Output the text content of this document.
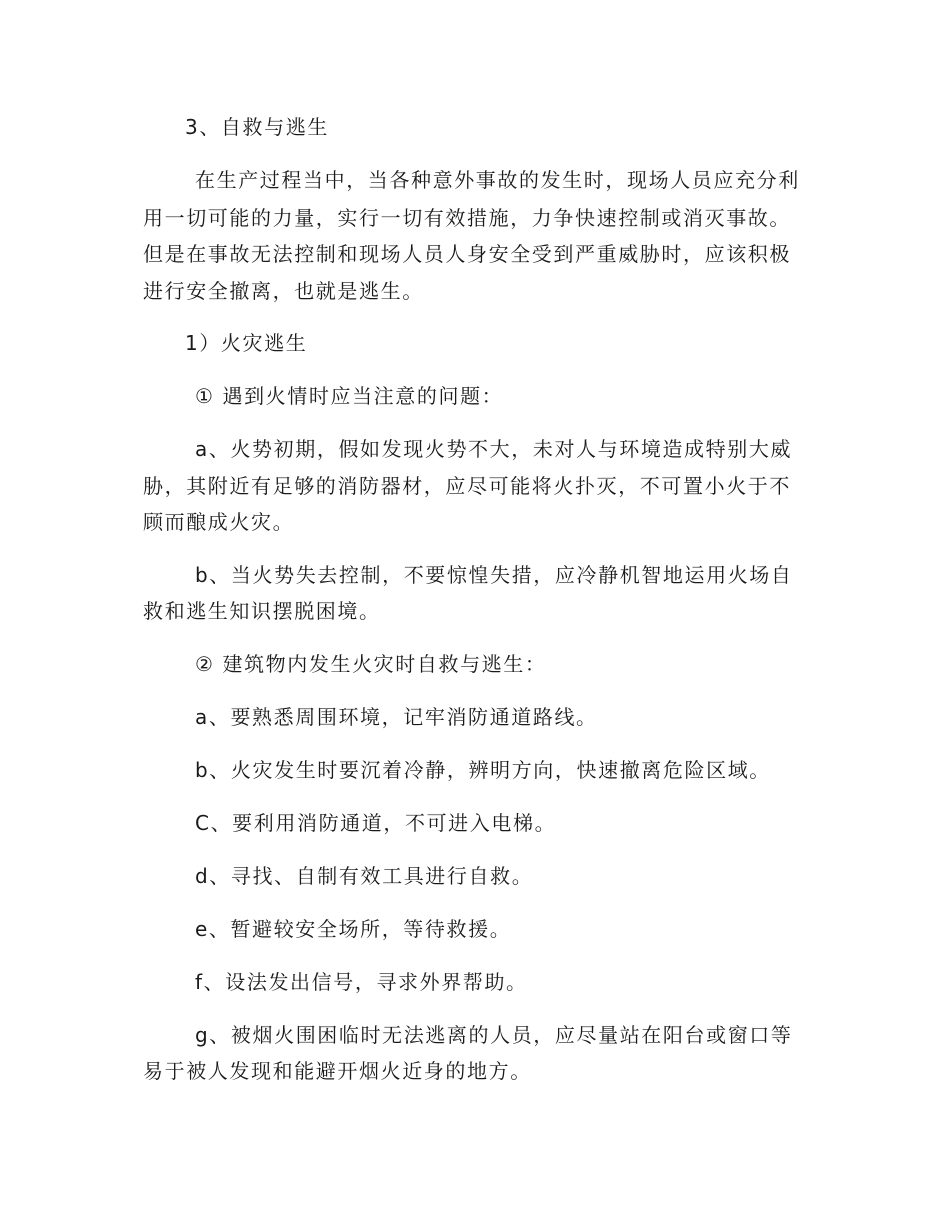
3、自救与逃生
在生产过程当中，当各种意外事故的发生时，现场人员应充分利
用一切可能的力量，实行一切有效措施，力争快速控制或消灭事故。
但是在事故无法控制和现场人员人身安全受到严重威胁时，应该积极
进行安全撤离，也就是逃生。
1）火灾逃生
① 遇到火情时应当注意的问题：
a、火势初期，假如发现火势不大，未对人与环境造成特别大威
胁，其附近有足够的消防器材，应尽可能将火扑灭，不可置小火于不
顾而酿成火灾。
b、当火势失去控制，不要惊惶失措，应冷静机智地运用火场自
救和逃生知识摆脱困境。
② 建筑物内发生火灾时自救与逃生：
a、要熟悉周围环境，记牢消防通道路线。
b、火灾发生时要沉着冷静，辨明方向，快速撤离危险区域。
C、要利用消防通道，不可进入电梯。
d、寻找、自制有效工具进行自救。
e、暂避较安全场所，等待救援。
f、设法发出信号，寻求外界帮助。
g、被烟火围困临时无法逃离的人员，应尽量站在阳台或窗口等
易于被人发现和能避开烟火近身的地方。
